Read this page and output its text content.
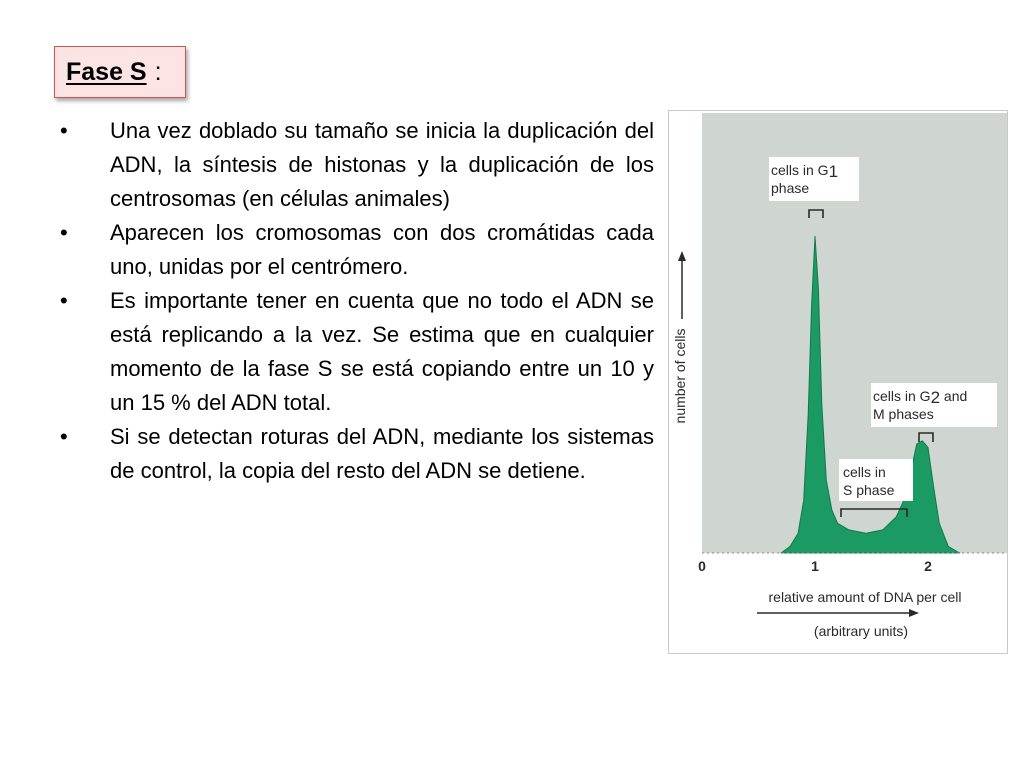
Fase S :
• Una vez doblado su tamaño se inicia la duplicación del ADN, la síntesis de histonas y la duplicación de los centrosomas (en células animales)
• Aparecen los cromosomas con dos cromátidas cada uno, unidas por el centrómero.
• Es importante tener en cuenta que no todo el ADN se está replicando a la vez. Se estima que en cualquier momento de la fase S se está copiando entre un 10 y un 15 % del ADN total.
• Si se detectan roturas del ADN, mediante los sistemas de control, la copia del resto del ADN se detiene.
0	1	2
number of cells
cells in G1
phase
cells in G2 and
M phases
cells in
S phase
relative amount of DNA per cell
(arbitrary units)
